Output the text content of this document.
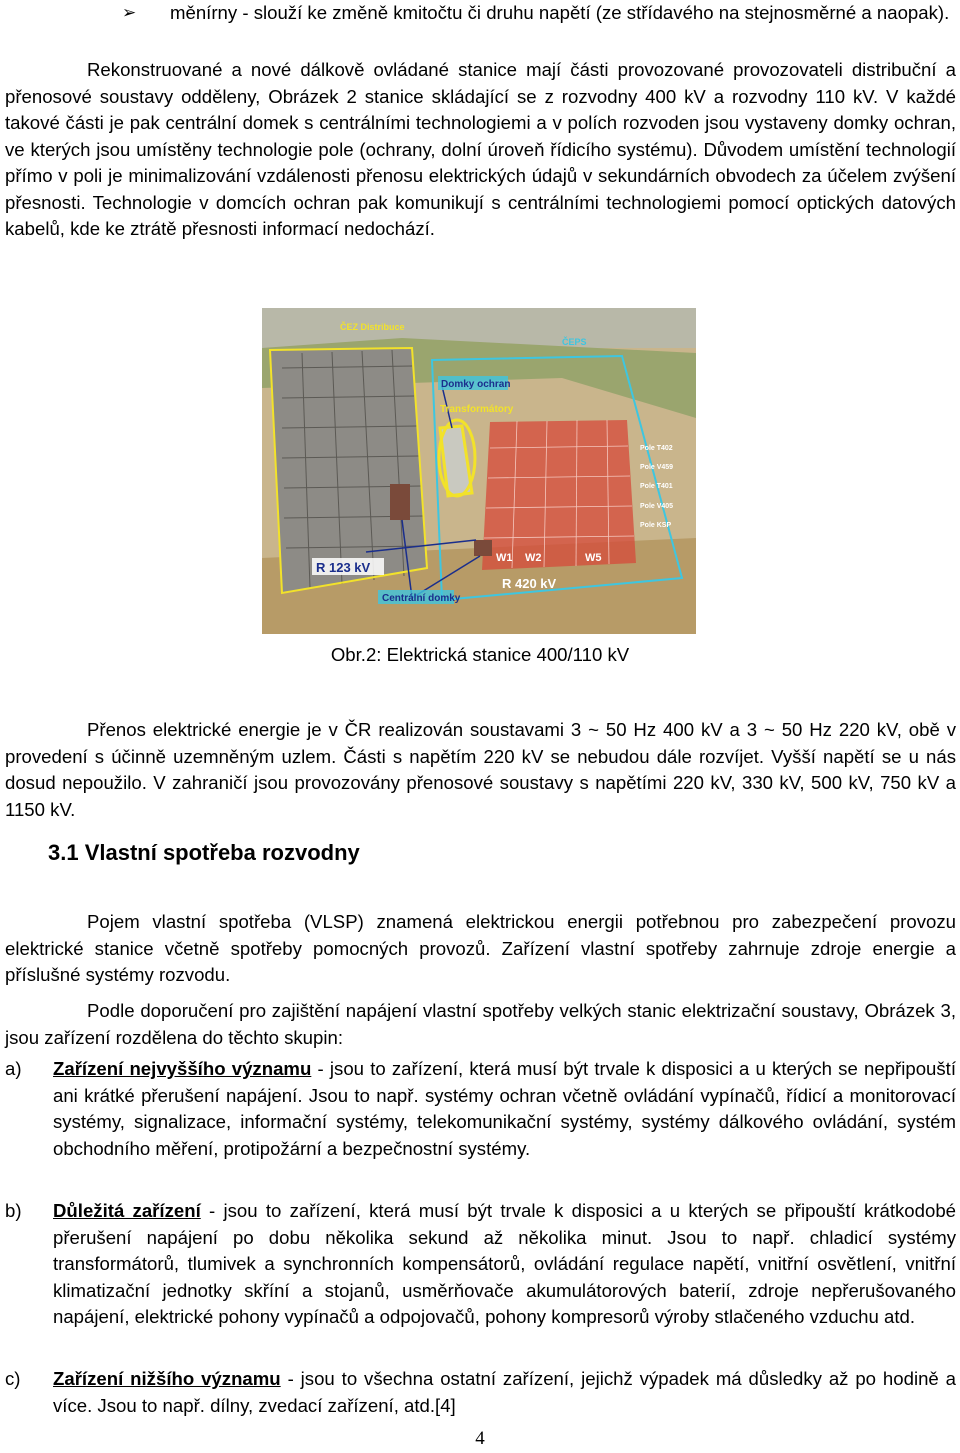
➢ měnírny - slouží ke změně kmitočtu či druhu napětí (ze střídavého na stejnosměrné a naopak).

Rekonstruované a nové dálkově ovládané stanice mají části provozované provozovateli distribuční a přenosové soustavy odděleny, Obrázek 2 stanice skládající se z rozvodny 400 kV a rozvodny 110 kV. V každé takové části je pak centrální domek s centrálními technologiemi a v polích rozvoden jsou vystaveny domky ochran, ve kterých jsou umístěny technologie pole (ochrany, dolní úroveň řídicího systému). Důvodem umístění technologií přímo v poli je minimalizování vzdálenosti přenosu elektrických údajů v sekundárních obvodech za účelem zvýšení přesnosti. Technologie v domcích ochran pak komunikují s centrálními technologiemi pomocí optických datových kabelů, kde ke ztrátě přesnosti informací nedochází.

ČEZ Distribuce
ČEPS
Domky ochran
Transformátory
R 123 kV
R 420 kV
Centrální domky
W1 W2	W5
Pole T402
Pole V459
Pole T401
Pole V405
Pole KSP
Obr.2: Elektrická stanice 400/110 kV

Přenos elektrické energie je v ČR realizován soustavami 3 ~ 50 Hz 400 kV a 3 ~ 50 Hz 220 kV, obě v provedení s účinně uzemněným uzlem. Části s napětím 220 kV se nebudou dále rozvíjet. Vyšší napětí se u nás dosud nepoužilo. V zahraničí jsou provozovány přenosové soustavy s napětími 220 kV, 330 kV, 500 kV, 750 kV a 1150 kV.

3.1 Vlastní spotřeba rozvodny

Pojem vlastní spotřeba (VLSP) znamená elektrickou energii potřebnou pro zabezpečení provozu elektrické stanice včetně spotřeby pomocných provozů. Zařízení vlastní spotřeby zahrnuje zdroje energie a příslušné systémy rozvodu.

Podle doporučení pro zajištění napájení vlastní spotřeby velkých stanic elektrizační soustavy, Obrázek 3, jsou zařízení rozdělena do těchto skupin:

a)	Zařízení nejvyššího významu - jsou to zařízení, která musí být trvale k disposici a u kterých se nepřipouští ani krátké přerušení napájení. Jsou to např. systémy ochran včetně ovládání vypínačů, řídicí a monitorovací systémy, signalizace, informační systémy, telekomunikační systémy, systémy dálkového ovládání, systém obchodního měření, protipožární a bezpečnostní systémy.
b)	Důležitá zařízení - jsou to zařízení, která musí být trvale k disposici a u kterých se připouští krátkodobé přerušení napájení po dobu několika sekund až několika minut. Jsou to např. chladicí systémy transformátorů, tlumivek a synchronních kompensátorů, ovládání regulace napětí, vnitřní osvětlení, vnitřní klimatizační jednotky skříní a stojanů, usměrňovače akumulátorových baterií, zdroje nepřerušovaného napájení, elektrické pohony vypínačů a odpojovačů, pohony kompresorů výroby stlačeného vzduchu atd.
c)	Zařízení nižšího významu - jsou to všechna ostatní zařízení, jejichž výpadek má důsledky až po hodině a více. Jsou to např. dílny, zvedací zařízení, atd.[4]
4
